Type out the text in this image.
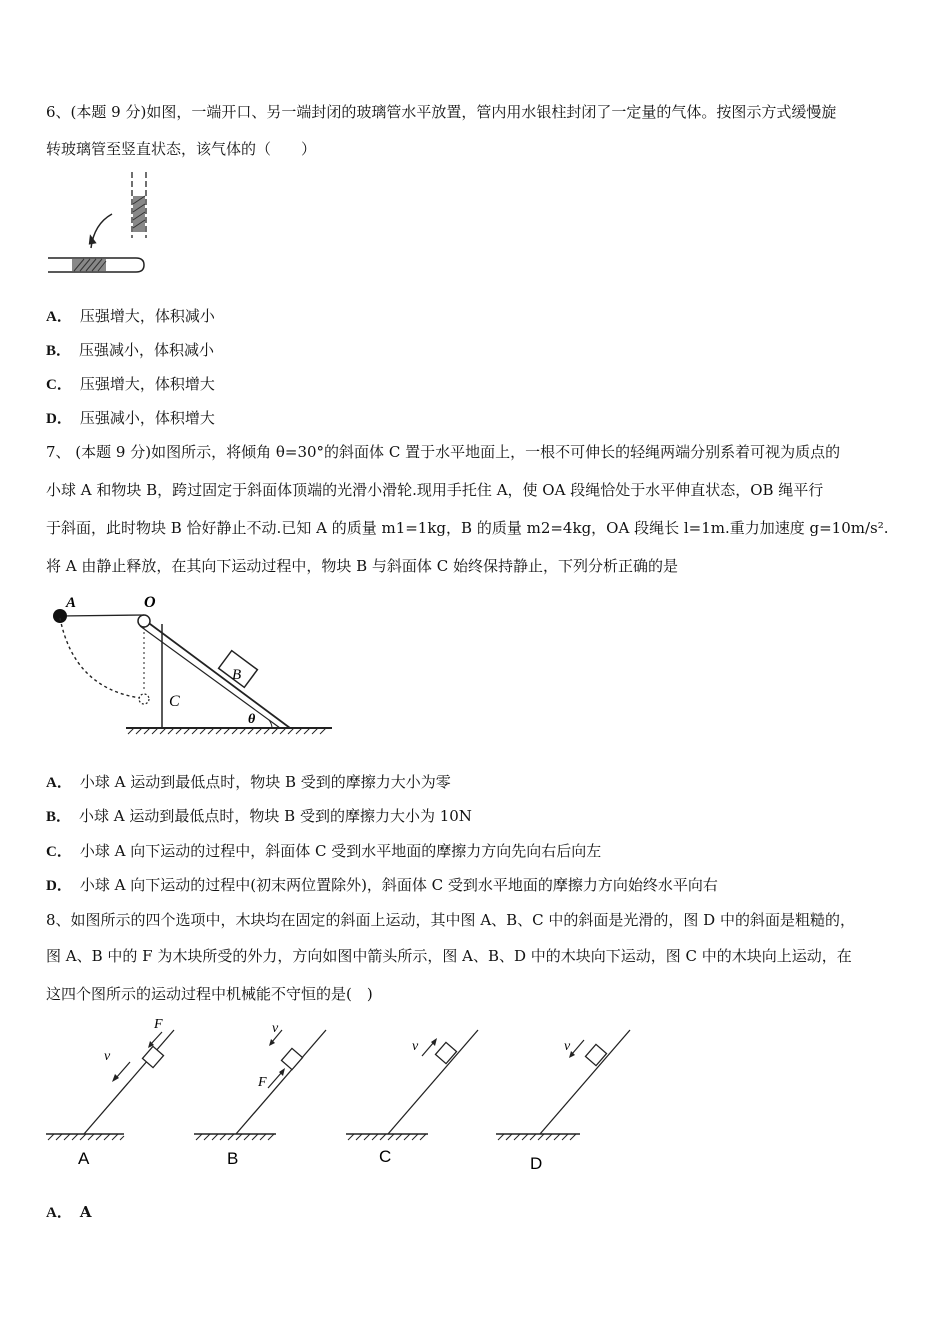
6、(本题 9 分)如图，一端开口、另一端封闭的玻璃管水平放置，管内用水银柱封闭了一定量的气体。按图示方式缓慢旋
转玻璃管至竖直状态，该气体的（　　）
A． 压强增大，体积减小
B． 压强减小，体积减小
C． 压强增大，体积增大
D． 压强减小，体积增大
7、 (本题 9 分)如图所示，将倾角 θ=30°的斜面体 C 置于水平地面上，一根不可伸长的轻绳两端分别系着可视为质点的
小球 A 和物块 B，跨过固定于斜面体顶端的光滑小滑轮.现用手托住 A，使 OA 段绳恰处于水平伸直状态，OB 绳平行
于斜面，此时物块 B 恰好静止不动.已知 A 的质量 m1=1kg，B 的质量 m2=4kg，OA 段绳长 l=1m.重力加速度 g=10m/s².
将 A 由静止释放，在其向下运动过程中，物块 B 与斜面体 C 始终保持静止，下列分析正确的是
A	O
B
C
θ
A． 小球 A 运动到最低点时，物块 B 受到的摩擦力大小为零
B． 小球 A 运动到最低点时，物块 B 受到的摩擦力大小为 10N
C． 小球 A 向下运动的过程中，斜面体 C 受到水平地面的摩擦力方向先向右后向左
D． 小球 A 向下运动的过程中(初末两位置除外)，斜面体 C 受到水平地面的摩擦力方向始终水平向右
8、如图所示的四个选项中，木块均在固定的斜面上运动，其中图 A、B、C 中的斜面是光滑的，图 D 中的斜面是粗糙的，
图 A、B 中的 F 为木块所受的外力，方向如图中箭头所示，图 A、B、D 中的木块向下运动，图 C 中的木块向上运动，在
这四个图所示的运动过程中机械能不守恒的是(　)
F
v
A
v
F
B
v
C
v
D
A． A
